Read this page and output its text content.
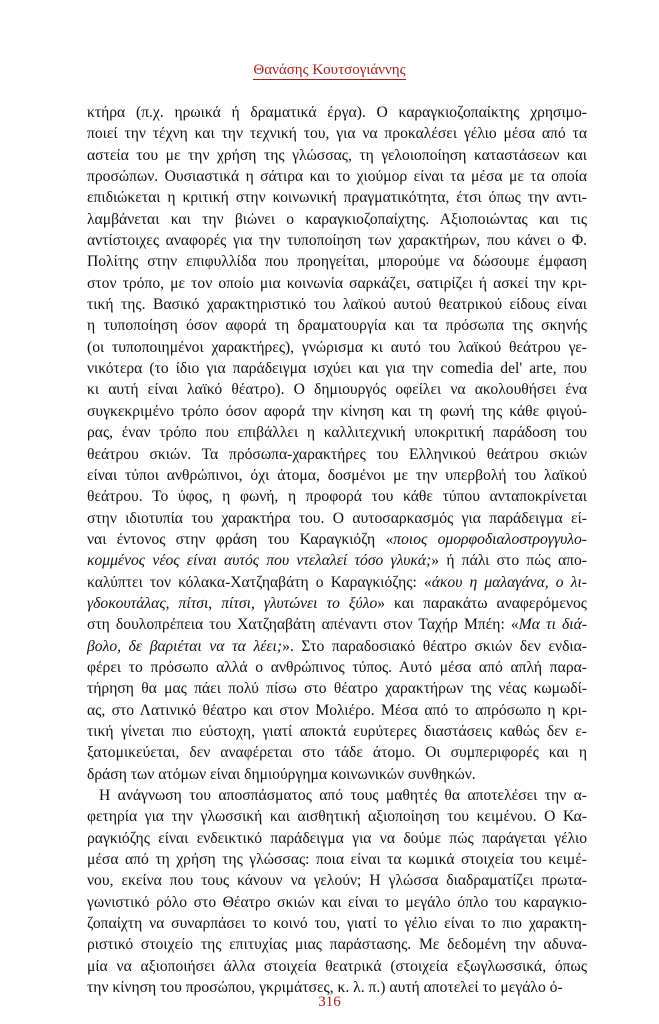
Θανάσης Κουτσογιάννης
κτήρα (π.χ. ηρωικά ή δραματικά έργα). Ο καραγκιοζοπαίκτης χρησιμο-
ποιεί την τέχνη και την τεχνική του, για να προκαλέσει γέλιο μέσα από τα
αστεία του με την χρήση της γλώσσας, τη γελοιοποίηση καταστάσεων και
προσώπων. Ουσιαστικά η σάτιρα και το χιούμορ είναι τα μέσα με τα οποία
επιδιώκεται η κριτική στην κοινωνική πραγματικότητα, έτσι όπως την αντι-
λαμβάνεται και την βιώνει ο καραγκιοζοπαίχτης. Αξιοποιώντας και τις
αντίστοιχες αναφορές για την τυποποίηση των χαρακτήρων, που κάνει ο Φ.
Πολίτης στην επιφυλλίδα που προηγείται, μπορούμε να δώσουμε έμφαση
στον τρόπο, με τον οποίο μια κοινωνία σαρκάζει, σατιρίζει ή ασκεί την κρι-
τική της. Βασικό χαρακτηριστικό του λαϊκού αυτού θεατρικού είδους είναι
η τυποποίηση όσον αφορά τη δραματουργία και τα πρόσωπα της σκηνής
(οι τυποποιημένοι χαρακτήρες), γνώρισμα κι αυτό του λαϊκού θεάτρου γε-
νικότερα (το ίδιο για παράδειγμα ισχύει και για την comedia del' arte, που
κι αυτή είναι λαϊκό θέατρο). Ο δημιουργός οφείλει να ακολουθήσει ένα
συγκεκριμένο τρόπο όσον αφορά την κίνηση και τη φωνή της κάθε φιγού-
ρας, έναν τρόπο που επιβάλλει η καλλιτεχνική υποκριτική παράδοση του
θεάτρου σκιών. Τα πρόσωπα-χαρακτήρες του Ελληνικού θεάτρου σκιών
είναι τύποι ανθρώπινοι, όχι άτομα, δοσμένοι με την υπερβολή του λαϊκού
θεάτρου. Το ύφος, η φωνή, η προφορά του κάθε τύπου ανταποκρίνεται
στην ιδιοτυπία του χαρακτήρα του. Ο αυτοσαρκασμός για παράδειγμα εί-
ναι έντονος στην φράση του Καραγκιόζη «ποιος ομορφοδιαλοστρογγυλο-
κομμένος νέος είναι αυτός που ντελαλεί τόσο γλυκά;» ή πάλι στο πώς απο-
καλύπτει τον κόλακα-Χατζηαβάτη ο Καραγκιόζης: «άκου η μαλαγάνα, ο λι-
γδοκουτάλας, πίτσι, πίτσι, γλυτώνει το ξύλο» και παρακάτω αναφερόμενος
στη δουλοπρέπεια του Χατζηαβάτη απέναντι στον Ταχήρ Μπέη: «Μα τι διά-
βολο, δε βαριέται να τα λέει;». Στο παραδοσιακό θέατρο σκιών δεν ενδια-
φέρει το πρόσωπο αλλά ο ανθρώπινος τύπος. Αυτό μέσα από απλή παρα-
τήρηση θα μας πάει πολύ πίσω στο θέατρο χαρακτήρων της νέας κωμωδί-
ας, στο Λατινικό θέατρο και στον Μολιέρο. Μέσα από το απρόσωπο η κρι-
τική γίνεται πιο εύστοχη, γιατί αποκτά ευρύτερες διαστάσεις καθώς δεν ε-
ξατομικεύεται, δεν αναφέρεται στο τάδε άτομο. Οι συμπεριφορές και η
δράση των ατόμων είναι δημιούργημα κοινωνικών συνθηκών.
Η ανάγνωση του αποσπάσματος από τους μαθητές θα αποτελέσει την α-
φετηρία για την γλωσσική και αισθητική αξιοποίηση του κειμένου. Ο Κα-
ραγκιόζης είναι ενδεικτικό παράδειγμα για να δούμε πώς παράγεται γέλιο
μέσα από τη χρήση της γλώσσας: ποια είναι τα κωμικά στοιχεία του κειμέ-
νου, εκείνα που τους κάνουν να γελούν; Η γλώσσα διαδραματίζει πρωτα-
γωνιστικό ρόλο στο Θέατρο σκιών και είναι το μεγάλο όπλο του καραγκιο-
ζοπαίχτη να συναρπάσει το κοινό του, γιατί το γέλιο είναι το πιο χαρακτη-
ριστικό στοιχείο της επιτυχίας μιας παράστασης. Με δεδομένη την αδυνα-
μία να αξιοποιήσει άλλα στοιχεία θεατρικά (στοιχεία εξωγλωσσικά, όπως
την κίνηση του προσώπου, γκριμάτσες, κ. λ. π.) αυτή αποτελεί το μεγάλο ό-
316
